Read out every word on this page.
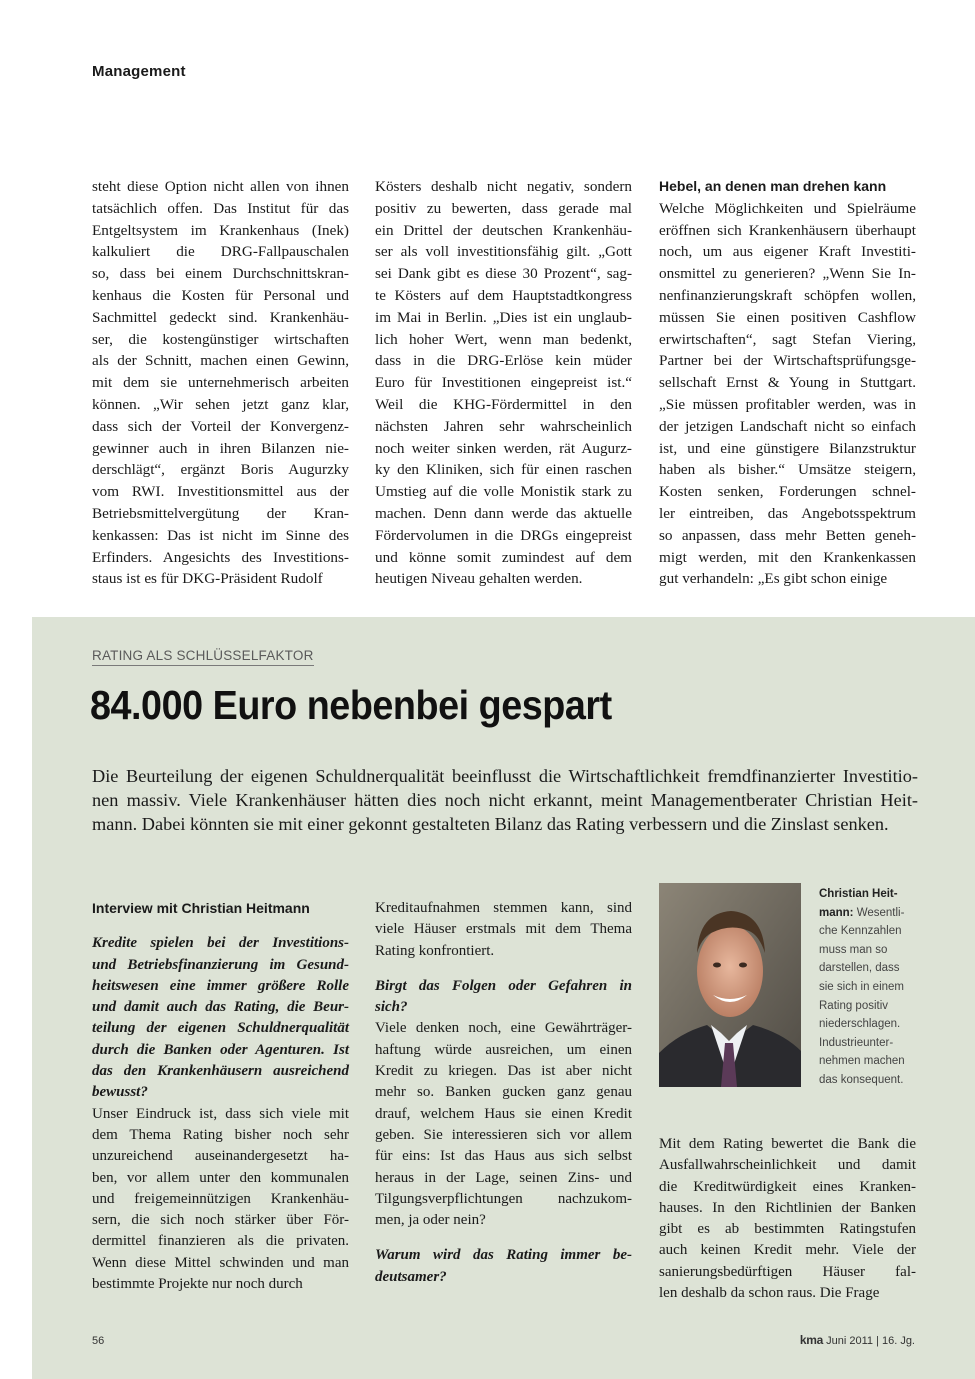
Management
steht diese Option nicht allen von ihnen
tatsächlich offen. Das Institut für das
Entgeltsystem im Krankenhaus (Inek)
kalkuliert die DRG-Fallpauschalen
so, dass bei einem Durchschnittskran-
kenhaus die Kosten für Personal und
Sachmittel gedeckt sind. Krankenhäu-
ser, die kostengünstiger wirtschaften
als der Schnitt, machen einen Gewinn,
mit dem sie unternehmerisch arbeiten
können. „Wir sehen jetzt ganz klar,
dass sich der Vorteil der Konvergenz-
gewinner auch in ihren Bilanzen nie-
derschlägt“, ergänzt Boris Augurzky
vom RWI. Investitionsmittel aus der
Betriebsmittelvergütung der Kran-
kenkassen: Das ist nicht im Sinne des
Erfinders. Angesichts des Investitions-
staus ist es für DKG-Präsident Rudolf
Kösters deshalb nicht negativ, sondern
positiv zu bewerten, dass gerade mal
ein Drittel der deutschen Krankenhäu-
ser als voll investitionsfähig gilt. „Gott
sei Dank gibt es diese 30 Prozent“, sag-
te Kösters auf dem Hauptstadtkongress
im Mai in Berlin. „Dies ist ein unglaub-
lich hoher Wert, wenn man bedenkt,
dass in die DRG-Erlöse kein müder
Euro für Investitionen eingepreist ist.“
Weil die KHG-Fördermittel in den
nächsten Jahren sehr wahrscheinlich
noch weiter sinken werden, rät Augurz-
ky den Kliniken, sich für einen raschen
Umstieg auf die volle Monistik stark zu
machen. Denn dann werde das aktuelle
Fördervolumen in die DRGs eingepreist
und könne somit zumindest auf dem
heutigen Niveau gehalten werden.
Hebel, an denen man drehen kann
Welche Möglichkeiten und Spielräume
eröffnen sich Krankenhäusern überhaupt
noch, um aus eigener Kraft Investiti-
onsmittel zu generieren? „Wenn Sie In-
nenfinanzierungskraft schöpfen wollen,
müssen Sie einen positiven Cashflow
erwirtschaften“, sagt Stefan Viering,
Partner bei der Wirtschaftsprüfungsge-
sellschaft Ernst & Young in Stuttgart.
„Sie müssen profitabler werden, was in
der jetzigen Landschaft nicht so einfach
ist, und eine günstigere Bilanzstruktur
haben als bisher.“ Umsätze steigern,
Kosten senken, Forderungen schnel-
ler eintreiben, das Angebotsspektrum
so anpassen, dass mehr Betten geneh-
migt werden, mit den Krankenkassen
gut verhandeln: „Es gibt schon einige
RATING ALS SCHLÜSSELFAKTOR
84.000 Euro nebenbei gespart
Die Beurteilung der eigenen Schuldnerqualität beeinflusst die Wirtschaftlichkeit fremdfinanzierter Investitio-
nen massiv. Viele Krankenhäuser hätten dies noch nicht erkannt, meint Managementberater Christian Heit-
mann. Dabei könnten sie mit einer gekonnt gestalteten Bilanz das Rating verbessern und die Zinslast senken.
Interview mit Christian Heitmann
Kredite spielen bei der Investitions-
und Betriebsfinanzierung im Gesund-
heitswesen eine immer größere Rolle
und damit auch das Rating, die Beur-
teilung der eigenen Schuldnerqualität
durch die Banken oder Agenturen. Ist
das den Krankenhäusern ausreichend
bewusst?
Unser Eindruck ist, dass sich viele mit
dem Thema Rating bisher noch sehr
unzureichend auseinandergesetzt ha-
ben, vor allem unter den kommunalen
und freigemeinnützigen Krankenhäu-
sern, die sich noch stärker über För-
dermittel finanzieren als die privaten.
Wenn diese Mittel schwinden und man
bestimmte Projekte nur noch durch
Kreditaufnahmen stemmen kann, sind
viele Häuser erstmals mit dem Thema
Rating konfrontiert.
Birgt das Folgen oder Gefahren in
sich?
Viele denken noch, eine Gewährträger-
haftung würde ausreichen, um einen
Kredit zu kriegen. Das ist aber nicht
mehr so. Banken gucken ganz genau
drauf, welchem Haus sie einen Kredit
geben. Sie interessieren sich vor allem
für eins: Ist das Haus aus sich selbst
heraus in der Lage, seinen Zins- und
Tilgungsverpflichtungen nachzukom-
men, ja oder nein?
Warum wird das Rating immer be-
deutsamer?
Christian Heit-
mann: Wesentli-
che Kennzahlen
muss man so
darstellen, dass
sie sich in einem
Rating positiv
niederschlagen.
Industrieunter-
nehmen machen
das konsequent.
Mit dem Rating bewertet die Bank die
Ausfallwahrscheinlichkeit und damit
die Kreditwürdigkeit eines Kranken-
hauses. In den Richtlinien der Banken
gibt es ab bestimmten Ratingstufen
auch keinen Kredit mehr. Viele der
sanierungsbedürftigen Häuser fal-
len deshalb da schon raus. Die Frage
56	kma Juni 2011 | 16. Jg.
